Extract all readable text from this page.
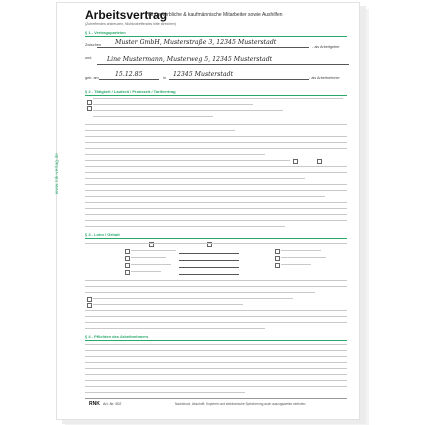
www.rnk-verlag.de
Arbeitsvertrag
für gewerbliche & kaufmännische Mitarbeiter sowie Aushilfen
(Zutreffendes ankreuzen, Nichtzutreffendes bitte streichen)
§ 1 - Vertragsparteien
Zwischen Muster GmbH, Musterstraße 3, 12345 Musterstadt
- als Arbeitgeber
und	Line Mustermann, Musterweg 5, 12345 Musterstadt
geb. am	15.12.85	in 12345 Musterstadt	- als Arbeitnehmer
§ 2 - Tätigkeit / Laufzeit / Probezeit / Tarifvertrag
§ 3 - Lohn / Gehalt
§ 4 - Pflichten des Arbeitnehmers
RNK Art.-Nr. 502	Nachdruck, Abschrift, Kopieren und elektronische Speicherung auch auszugsweise verboten
